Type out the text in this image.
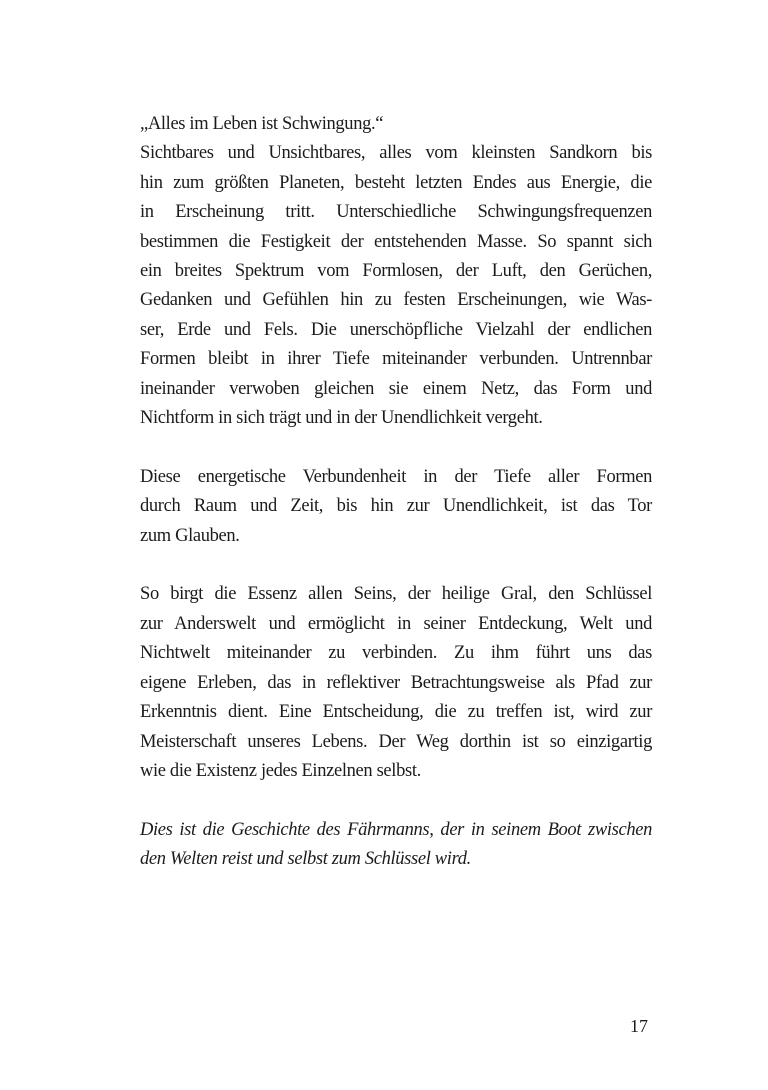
„Alles im Leben ist Schwingung.“
Sichtbares und Unsichtbares, alles vom kleinsten Sandkorn bis
hin zum größten Planeten, besteht letzten Endes aus Energie, die
in Erscheinung tritt. Unterschiedliche Schwingungsfrequenzen
bestimmen die Festigkeit der entstehenden Masse. So spannt sich
ein breites Spektrum vom Formlosen, der Luft, den Gerüchen,
Gedanken und Gefühlen hin zu festen Erscheinungen, wie Was-
ser, Erde und Fels. Die unerschöpfliche Vielzahl der endlichen
Formen bleibt in ihrer Tiefe miteinander verbunden. Untrennbar
ineinander verwoben gleichen sie einem Netz, das Form und
Nichtform in sich trägt und in der Unendlichkeit vergeht.
Diese energetische Verbundenheit in der Tiefe aller Formen
durch Raum und Zeit, bis hin zur Unendlichkeit, ist das Tor
zum Glauben.
So birgt die Essenz allen Seins, der heilige Gral, den Schlüssel
zur Anderswelt und ermöglicht in seiner Entdeckung, Welt und
Nichtwelt miteinander zu verbinden. Zu ihm führt uns das
eigene Erleben, das in reflektiver Betrachtungsweise als Pfad zur
Erkenntnis dient. Eine Entscheidung, die zu treffen ist, wird zur
Meisterschaft unseres Lebens. Der Weg dorthin ist so einzigartig
wie die Existenz jedes Einzelnen selbst.
Dies ist die Geschichte des Fährmanns, der in seinem Boot zwischen
den Welten reist und selbst zum Schlüssel wird.
17
